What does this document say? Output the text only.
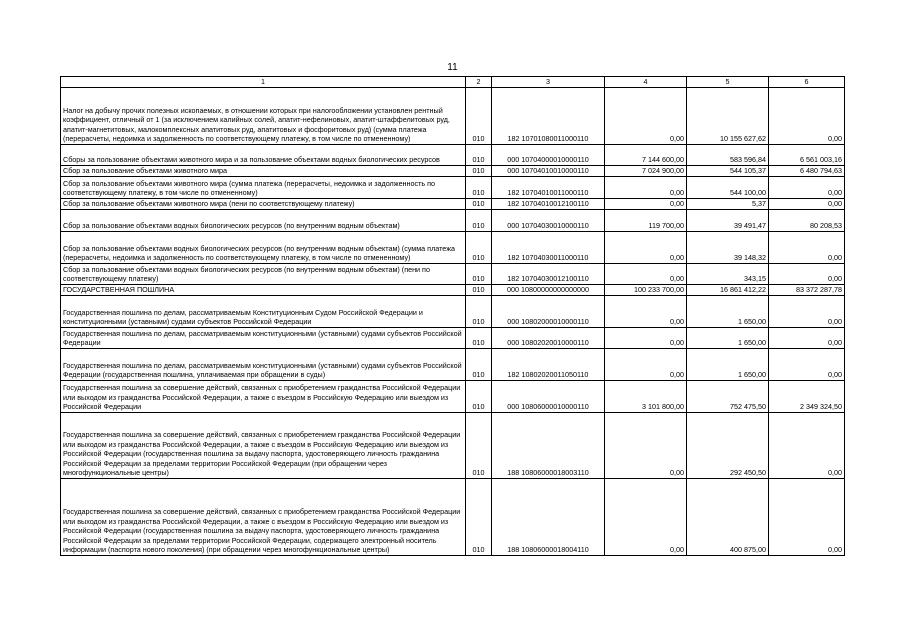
11
1	2	3	4	5	6
Налог на добычу прочих полезных ископаемых, в отношении которых при налогообложении установлен рентный коэффициент, отличный от 1 (за исключением калийных солей, апатит-нефелиновых, апатит-штаффелитовых руд, апатит-магнетитовых, малокомплексных апатитовых руд, апатитовых и фосфоритовых руд) (сумма платежа (перерасчеты, недоимка и задолженность по соответствующему платежу, в том числе по отмененному)	010	182 10701080011000110	0,00	10 155 627,62	0,00
Сборы за пользование объектами животного мира и за пользование объектами водных биологических ресурсов	010	000 10704000010000110	7 144 600,00	583 596,84	6 561 003,16
Сбор за пользование объектами животного мира	010	000 10704010010000110	7 024 900,00	544 105,37	6 480 794,63
Сбор за пользование объектами животного мира (сумма платежа (перерасчеты, недоимка и задолженность по соответствующему платежу, в том числе по отмененному)	010	182 10704010011000110	0,00	544 100,00	0,00
Сбор за пользование объектами животного мира (пени по соответствующему платежу)	010	182 10704010012100110	0,00	5,37	0,00
Сбор за пользование объектами водных биологических ресурсов (по внутренним водным объектам)	010	000 10704030010000110	119 700,00	39 491,47	80 208,53
Сбор за пользование объектами водных биологических ресурсов (по внутренним водным объектам) (сумма платежа (перерасчеты, недоимка и задолженность по соответствующему платежу, в том числе по отмененному)	010	182 10704030011000110	0,00	39 148,32	0,00
Сбор за пользование объектами водных биологических ресурсов (по внутренним водным объектам) (пени по соответствующему платежу)	010	182 10704030012100110	0,00	343,15	0,00
ГОСУДАРСТВЕННАЯ ПОШЛИНА	010	000 10800000000000000	100 233 700,00	16 861 412,22	83 372 287,78
Государственная пошлина по делам, рассматриваемым Конституционным Судом Российской Федерации и конституционными (уставными) судами субъектов Российской Федерации	010	000 10802000010000110	0,00	1 650,00	0,00
Государственная пошлина по делам, рассматриваемым конституционными (уставными) судами субъектов Российской Федерации	010	000 10802020010000110	0,00	1 650,00	0,00
Государственная пошлина по делам, рассматриваемым конституционными (уставными) судами субъектов Российской Федерации (государственная пошлина, уплачиваемая при обращении в суды)	010	182 10802020011050110	0,00	1 650,00	0,00
Государственная пошлина за совершение действий, связанных с приобретением гражданства Российской Федерации или выходом из гражданства Российской Федерации, а также с въездом в Российскую Федерацию или выездом из Российской Федерации	010	000 10806000010000110	3 101 800,00	752 475,50	2 349 324,50
Государственная пошлина за совершение действий, связанных с приобретением гражданства Российской Федерации или выходом из гражданства Российской Федерации, а также с въездом в Российскую Федерацию или выездом из Российской Федерации (государственная пошлина за выдачу паспорта, удостоверяющего личность гражданина Российской Федерации за пределами территории Российской Федерации (при обращении через многофункциональные центры)	010	188 10806000018003110	0,00	292 450,50	0,00
Государственная пошлина за совершение действий, связанных с приобретением гражданства Российской Федерации или выходом из гражданства Российской Федерации, а также с въездом в Российскую Федерацию или выездом из Российской Федерации (государственная пошлина за выдачу паспорта, удостоверяющего личность гражданина Российской Федерации за пределами территории Российской Федерации, содержащего электронный носитель информации (паспорта нового поколения) (при обращении через многофункциональные центры)	010	188 10806000018004110	0,00	400 875,00	0,00
